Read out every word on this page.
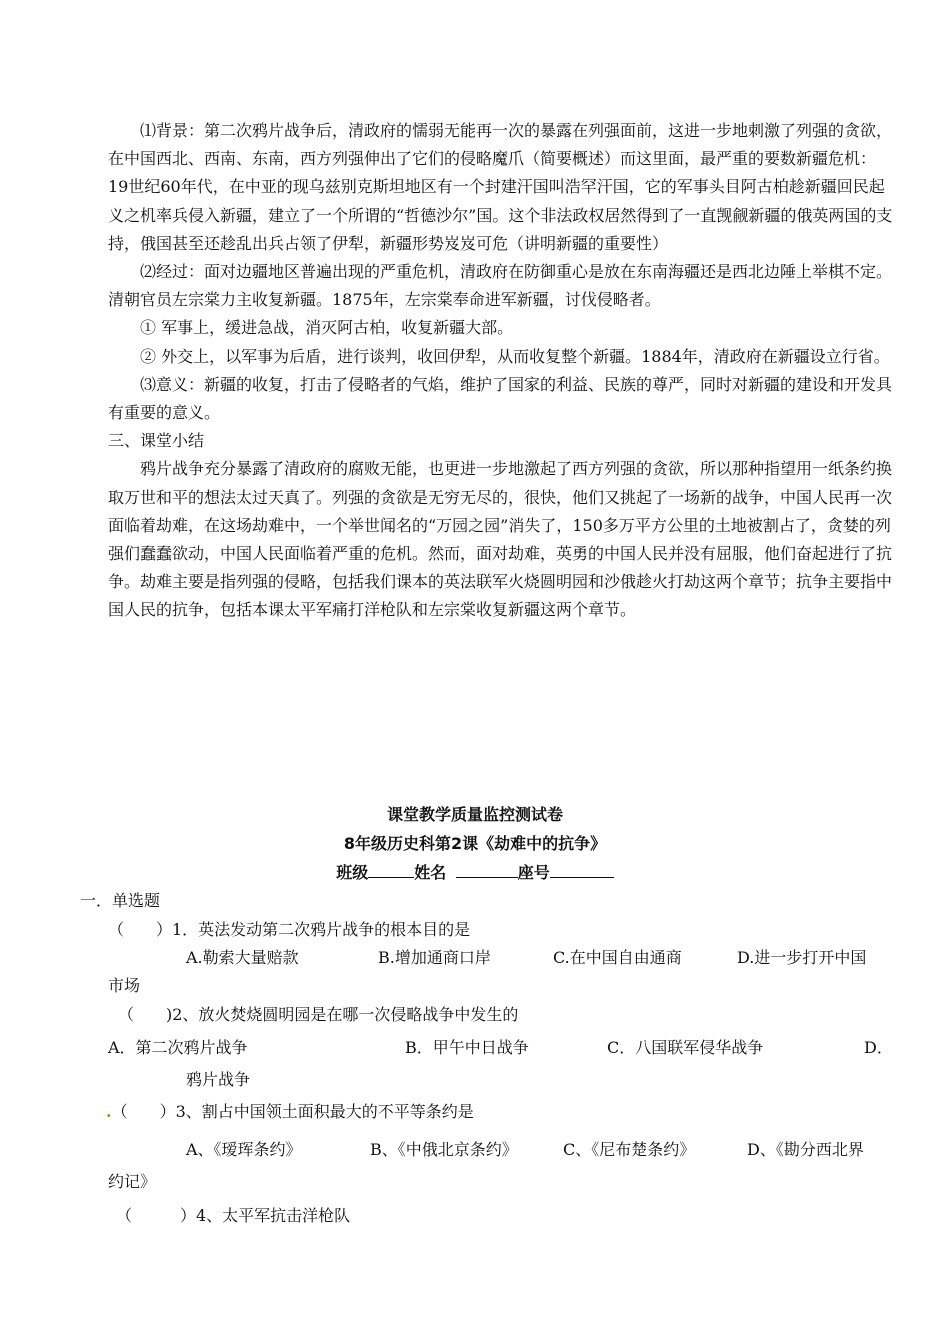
⑴背景：第二次鸦片战争后，清政府的懦弱无能再一次的暴露在列强面前，这进一步地刺激了列强的贪欲，在中国西北、西南、东南，西方列强伸出了它们的侵略魔爪（简要概述）而这里面，最严重的要数新疆危机：19世纪60年代，在中亚的现乌兹别克斯坦地区有一个封建汗国叫浩罕汗国，它的军事头目阿古柏趁新疆回民起义之机率兵侵入新疆，建立了一个所谓的“哲德沙尔”国。这个非法政权居然得到了一直觊觎新疆的俄英两国的支持，俄国甚至还趁乱出兵占领了伊犁，新疆形势岌岌可危（讲明新疆的重要性）

⑵经过：面对边疆地区普遍出现的严重危机，清政府在防御重心是放在东南海疆还是西北边陲上举棋不定。清朝官员左宗棠力主收复新疆。1875年，左宗棠奉命进军新疆，讨伐侵略者。

① 军事上，缓进急战，消灭阿古柏，收复新疆大部。

② 外交上，以军事为后盾，进行谈判，收回伊犁，从而收复整个新疆。1884年，清政府在新疆设立行省。

⑶意义：新疆的收复，打击了侵略者的气焰，维护了国家的利益、民族的尊严，同时对新疆的建设和开发具有重要的意义。

三、课堂小结

鸦片战争充分暴露了清政府的腐败无能，也更进一步地激起了西方列强的贪欲，所以那种指望用一纸条约换取万世和平的想法太过天真了。列强的贪欲是无穷无尽的，很快，他们又挑起了一场新的战争，中国人民再一次面临着劫难，在这场劫难中，一个举世闻名的“万园之园”消失了，150多万平方公里的土地被割占了，贪婪的列强们蠢蠢欲动，中国人民面临着严重的危机。然而，面对劫难，英勇的中国人民并没有屈服，他们奋起进行了抗争。劫难主要是指列强的侵略，包括我们课本的英法联军火烧圆明园和沙俄趁火打劫这两个章节；抗争主要指中国人民的抗争，包括本课太平军痛打洋枪队和左宗棠收复新疆这两个章节。

课堂教学质量监控测试卷
8年级历史科第2课《劫难中的抗争》
班级	姓名	座号
一．单选题
（　　）1．英法发动第二次鸦片战争的根本目的是
A.勒索大量赔款	B.增加通商口岸	C.在中国自由通商	D.进一步打开中国
市场
（　　)2、放火焚烧圆明园是在哪一次侵略战争中发生的
A．第二次鸦片战争	B．甲午中日战争	C．八国联军侵华战争	D．
鸦片战争
.（　　）3、割占中国领土面积最大的不平等条约是
A、《瑷珲条约》	B、《中俄北京条约》	C、《尼布楚条约》	D、《勘分西北界
约记》
（　　　）4、太平军抗击洋枪队
